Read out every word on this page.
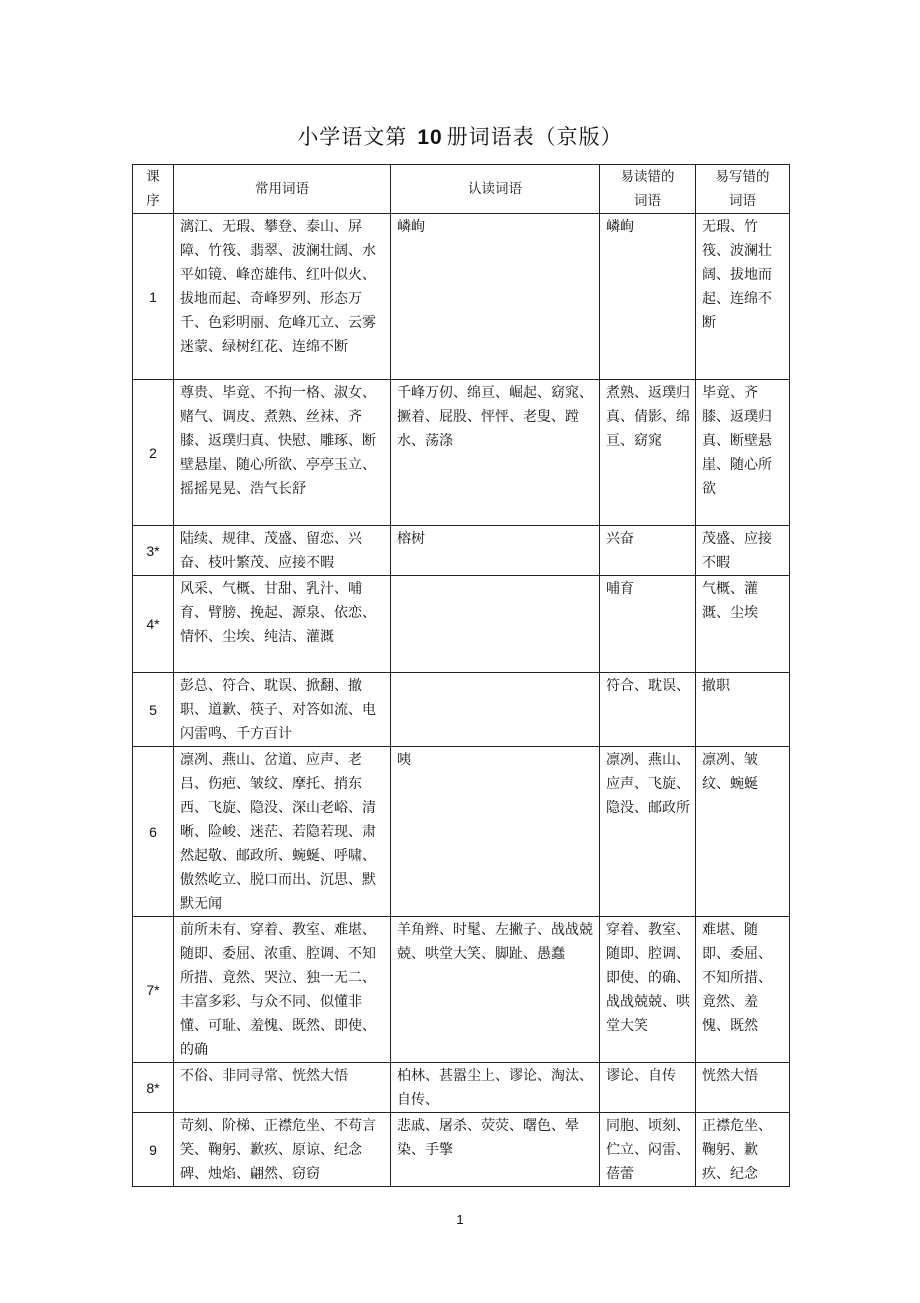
小学语文第 10 册词语表（京版）
课序	常用词语	认读词语	易读错的词语	易写错的词语
1	漓江、无瑕、攀登、泰山、屏障、竹筏、翡翠、波澜壮阔、水平如镜、峰峦雄伟、红叶似火、拔地而起、奇峰罗列、形态万千、色彩明丽、危峰兀立、云雾迷蒙、绿树红花、连绵不断	嶙峋	嶙峋	无瑕、竹筏、波澜壮阔、拔地而起、连绵不断
2	尊贵、毕竟、不拘一格、淑女、赌气、调皮、煮熟、丝袜、齐膝、返璞归真、快慰、雕琢、断壁悬崖、随心所欲、亭亭玉立、摇摇晃晃、浩气长舒	千峰万仞、绵亘、崛起、窈窕、撅着、屁股、怦怦、老叟、蹚水、荡涤	煮熟、返璞归真、倩影、绵亘、窈窕	毕竟、齐膝、返璞归真、断壁悬崖、随心所欲
3*	陆续、规律、茂盛、留恋、兴奋、枝叶繁茂、应接不暇	榕树	兴奋	茂盛、应接不暇
4*	风采、气概、甘甜、乳汁、哺育、臂膀、挽起、源泉、依恋、情怀、尘埃、纯洁、灌溉		哺育	气概、灌溉、尘埃
5	彭总、符合、耽误、掀翻、撤职、道歉、筷子、对答如流、电闪雷鸣、千方百计		符合、耽误、	撤职
6	凛冽、燕山、岔道、应声、老吕、伤疤、皱纹、摩托、捎东西、飞旋、隐没、深山老峪、清晰、险峻、迷茫、若隐若现、肃然起敬、邮政所、蜿蜒、呼啸、傲然屹立、脱口而出、沉思、默默无闻	咦	凛冽、燕山、应声、飞旋、隐没、邮政所	凛冽、皱纹、蜿蜒
7*	前所未有、穿着、教室、难堪、随即、委屈、浓重、腔调、不知所措、竟然、哭泣、独一无二、丰富多彩、与众不同、似懂非懂、可耻、羞愧、既然、即使、的确	羊角辫、时髦、左撇子、战战兢兢、哄堂大笑、脚趾、愚蠢	穿着、教室、随即、腔调、即使、的确、战战兢兢、哄堂大笑	难堪、随即、委屈、不知所措、竟然、羞愧、既然
8*	不俗、非同寻常、恍然大悟	柏林、甚嚣尘上、谬论、淘汰、自传、	谬论、自传	恍然大悟
9	苛刻、阶梯、正襟危坐、不苟言笑、鞠躬、歉疚、原谅、纪念碑、烛焰、翩然、窃窃	悲戚、屠杀、荧荧、曙色、晕染、手擎	同胞、顷刻、伫立、闷雷、蓓蕾	正襟危坐、鞠躬、歉疚、纪念
1
